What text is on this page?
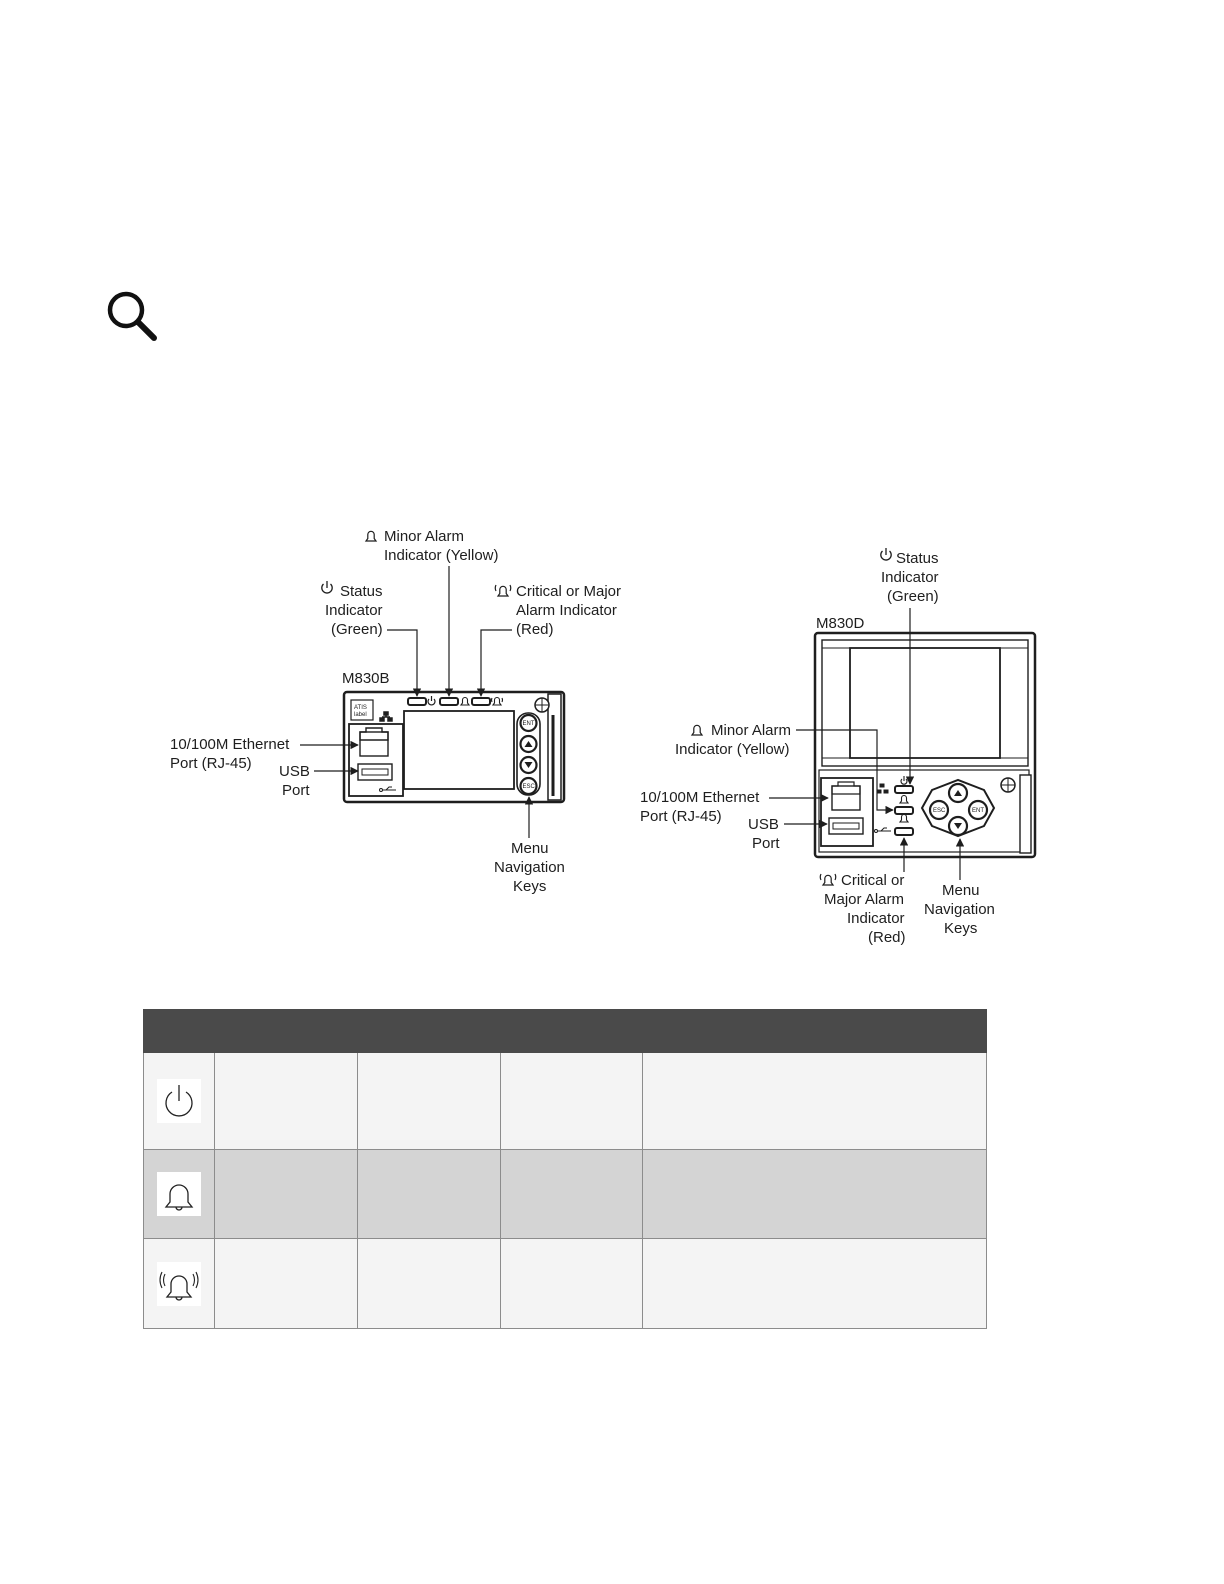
M830B
ATIS
label
ENT
ESC
Minor Alarm
Indicator (Yellow)
Status
Indicator
(Green)
Critical or Major
Alarm Indicator
(Red)
10/100M Ethernet
Port (RJ-45) USB
Port
Menu
Navigation
Keys
M830D
ESC	ENT
Status
Indicator
(Green)
Minor Alarm
Indicator (Yellow)
10/100M Ethernet
Port (RJ-45) USB
Port
Critical or
Major Alarm
Indicator
(Red)
Menu
Navigation
Keys
